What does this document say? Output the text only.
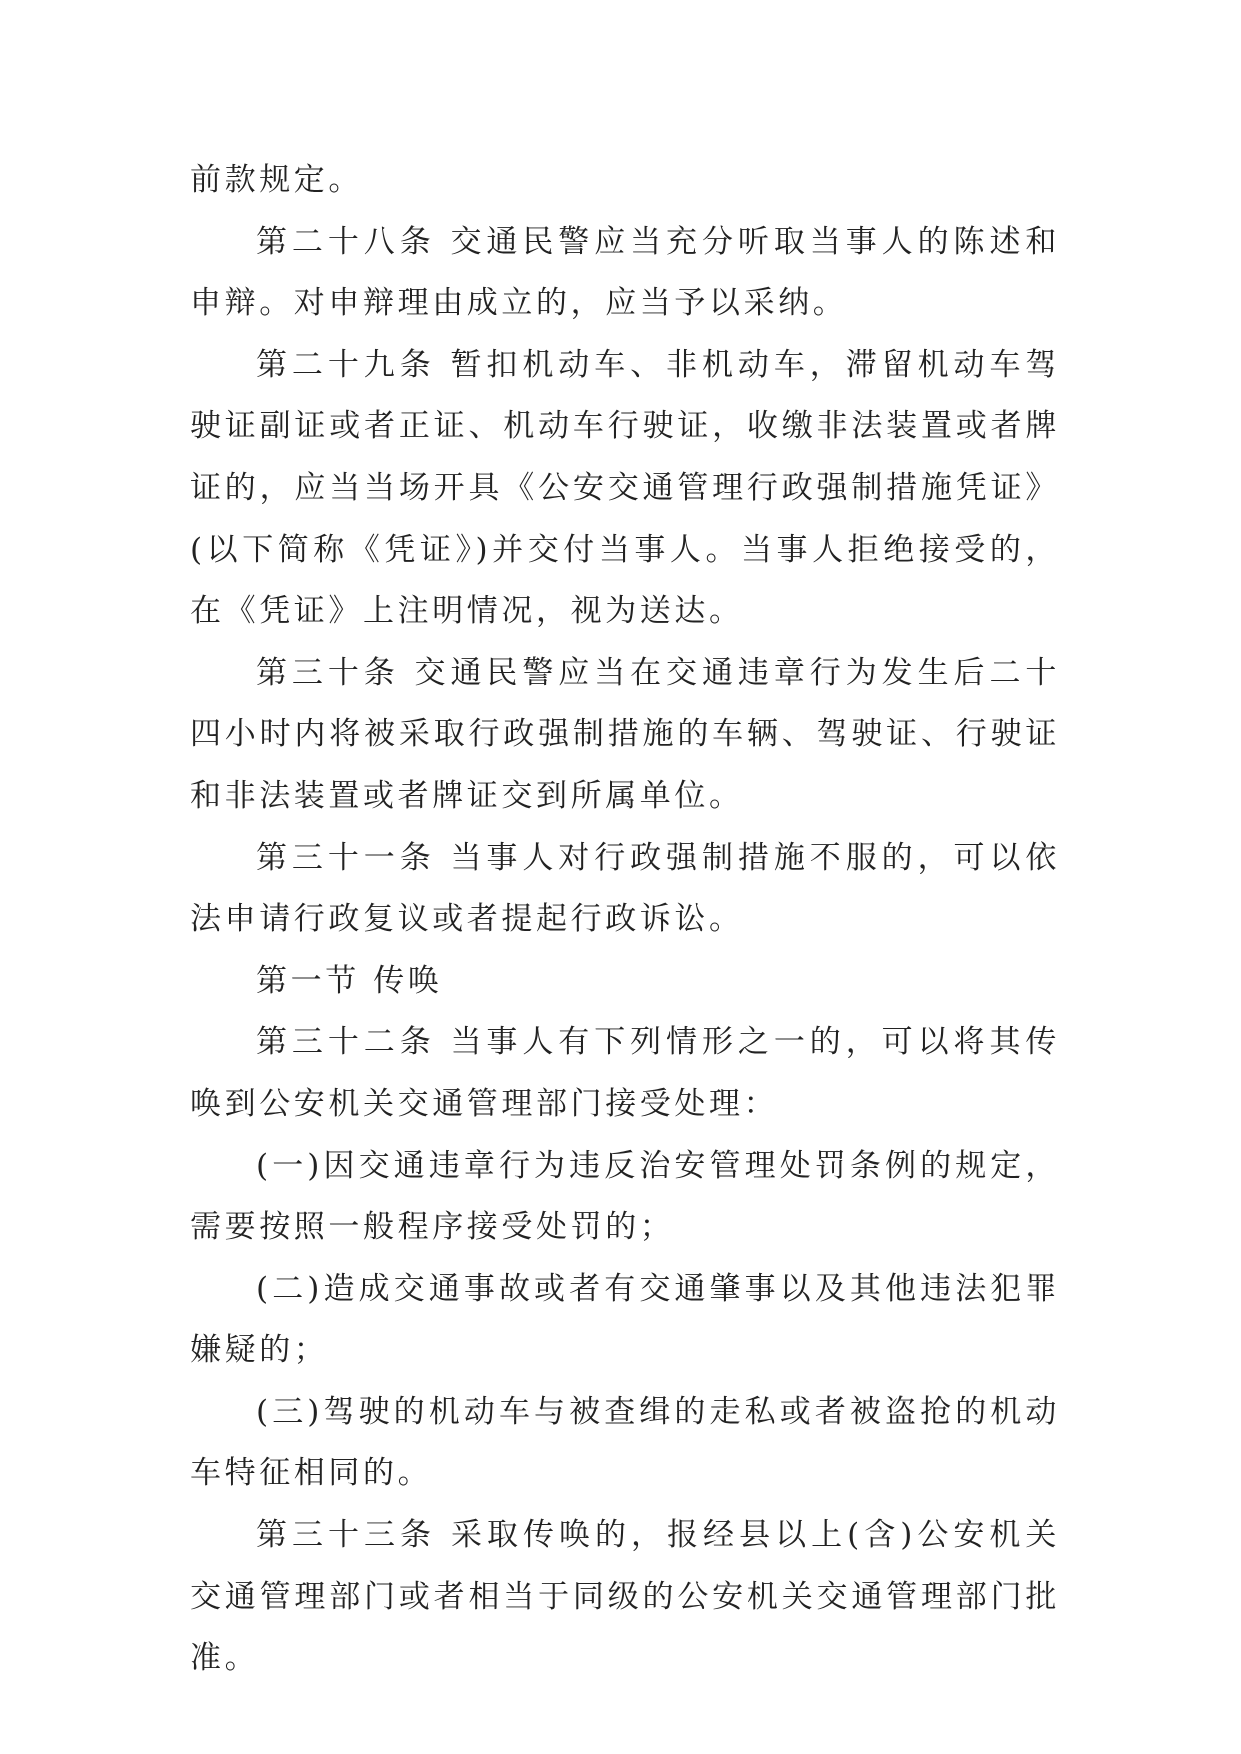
前款规定。

第二十八条 交通民警应当充分听取当事人的陈述和申辩。对申辩理由成立的，应当予以采纳。

第二十九条 暂扣机动车、非机动车，滞留机动车驾驶证副证或者正证、机动车行驶证，收缴非法装置或者牌证的，应当当场开具《公安交通管理行政强制措施凭证》(以下简称《凭证》)并交付当事人。当事人拒绝接受的，在《凭证》上注明情况，视为送达。

第三十条 交通民警应当在交通违章行为发生后二十四小时内将被采取行政强制措施的车辆、驾驶证、行驶证和非法装置或者牌证交到所属单位。

第三十一条 当事人对行政强制措施不服的，可以依法申请行政复议或者提起行政诉讼。

第一节 传唤

第三十二条 当事人有下列情形之一的，可以将其传唤到公安机关交通管理部门接受处理：

(一)因交通违章行为违反治安管理处罚条例的规定，需要按照一般程序接受处罚的；

(二)造成交通事故或者有交通肇事以及其他违法犯罪嫌疑的；

(三)驾驶的机动车与被查缉的走私或者被盗抢的机动车特征相同的。

第三十三条 采取传唤的，报经县以上(含)公安机关交通管理部门或者相当于同级的公安机关交通管理部门批准。
